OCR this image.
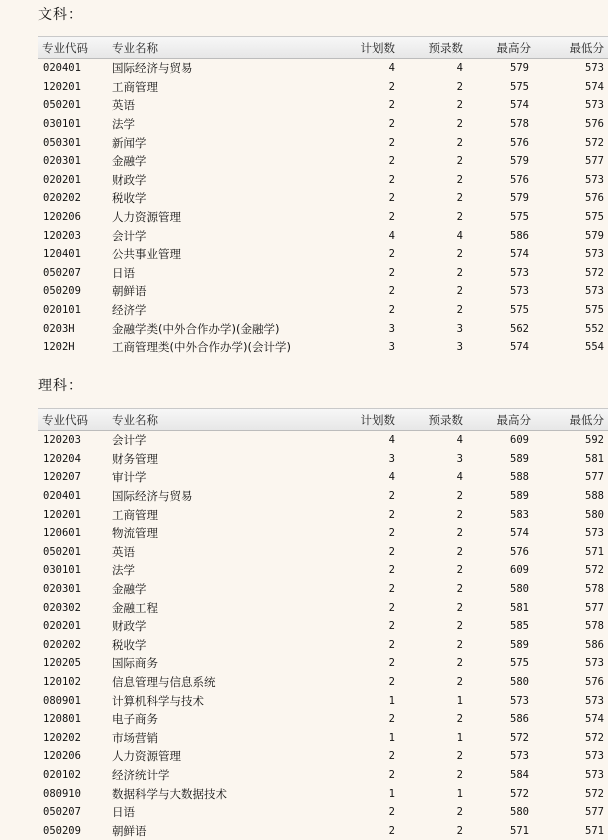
文科：
专业代码	专业名称	计划数	预录数	最高分	最低分
020401	国际经济与贸易	4	4	579	573
120201	工商管理	2	2	575	574
050201	英语	2	2	574	573
030101	法学	2	2	578	576
050301	新闻学	2	2	576	572
020301	金融学	2	2	579	577
020201	财政学	2	2	576	573
020202	税收学	2	2	579	576
120206	人力资源管理	2	2	575	575
120203	会计学	4	4	586	579
120401	公共事业管理	2	2	574	573
050207	日语	2	2	573	572
050209	朝鲜语	2	2	573	573
020101	经济学	2	2	575	575
0203H	金融学类(中外合作办学)(金融学)	3	3	562	552
1202H	工商管理类(中外合作办学)(会计学)	3	3	574	554
理科：
专业代码	专业名称	计划数	预录数	最高分	最低分
120203	会计学	4	4	609	592
120204	财务管理	3	3	589	581
120207	审计学	4	4	588	577
020401	国际经济与贸易	2	2	589	588
120201	工商管理	2	2	583	580
120601	物流管理	2	2	574	573
050201	英语	2	2	576	571
030101	法学	2	2	609	572
020301	金融学	2	2	580	578
020302	金融工程	2	2	581	577
020201	财政学	2	2	585	578
020202	税收学	2	2	589	586
120205	国际商务	2	2	575	573
120102	信息管理与信息系统	2	2	580	576
080901	计算机科学与技术	1	1	573	573
120801	电子商务	2	2	586	574
120202	市场营销	1	1	572	572
120206	人力资源管理	2	2	573	573
020102	经济统计学	2	2	584	573
080910	数据科学与大数据技术	1	1	572	572
050207	日语	2	2	580	577
050209	朝鲜语	2	2	571	571
